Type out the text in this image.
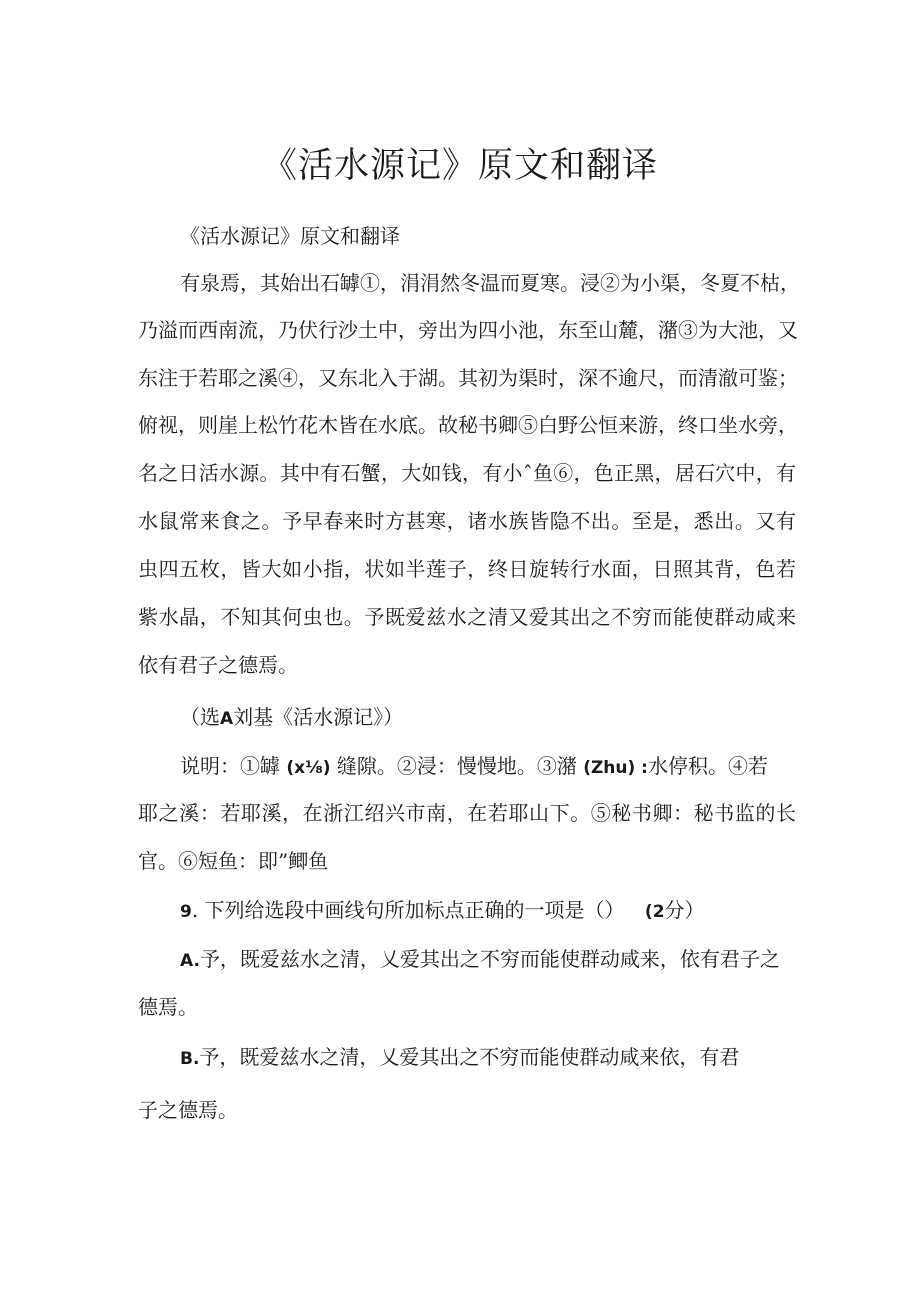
《活水源记》原文和翻译
《活水源记》原文和翻译
有泉焉，其始出石罅①，涓涓然冬温而夏寒。浸②为小渠，冬夏不枯，
乃溢而西南流，乃伏行沙土中，旁出为四小池，东至山麓，潴③为大池，又
东注于若耶之溪④，又东北入于湖。其初为渠时，深不逾尺，而清澈可鉴；
俯视，则崖上松竹花木皆在水底。故秘书卿⑤白野公恒来游，终口坐水旁，
名之日活水源。其中有石蟹，大如钱，有小ˆ鱼⑥，色正黑，居石穴中，有
水鼠常来食之。予早春来时方甚寒，诸水族皆隐不出。至是，悉出。又有
虫四五枚，皆大如小指，状如半莲子，终日旋转行水面，日照其背，色若
紫水晶，不知其何虫也。予既爱兹水之清又爱其出之不穷而能使群动咸来
依有君子之德焉。
（选A刘基《活水源记》）
说明：①罅 (x⅛) 缝隙。②浸：慢慢地。③潴 (Zhu) :水停积。④若
耶之溪：若耶溪，在浙江绍兴市南，在若耶山下。⑤秘书卿：秘书监的长
官。⑥短鱼：即”鲫鱼
9. 下列给选段中画线句所加标点正确的一项是（） (2分）
A.予，既爱兹水之清，乂爱其出之不穷而能使群动咸来，依有君子之
德焉。
B.予，既爱兹水之清，乂爱其出之不穷而能使群动咸来依，有君
子之德焉。
